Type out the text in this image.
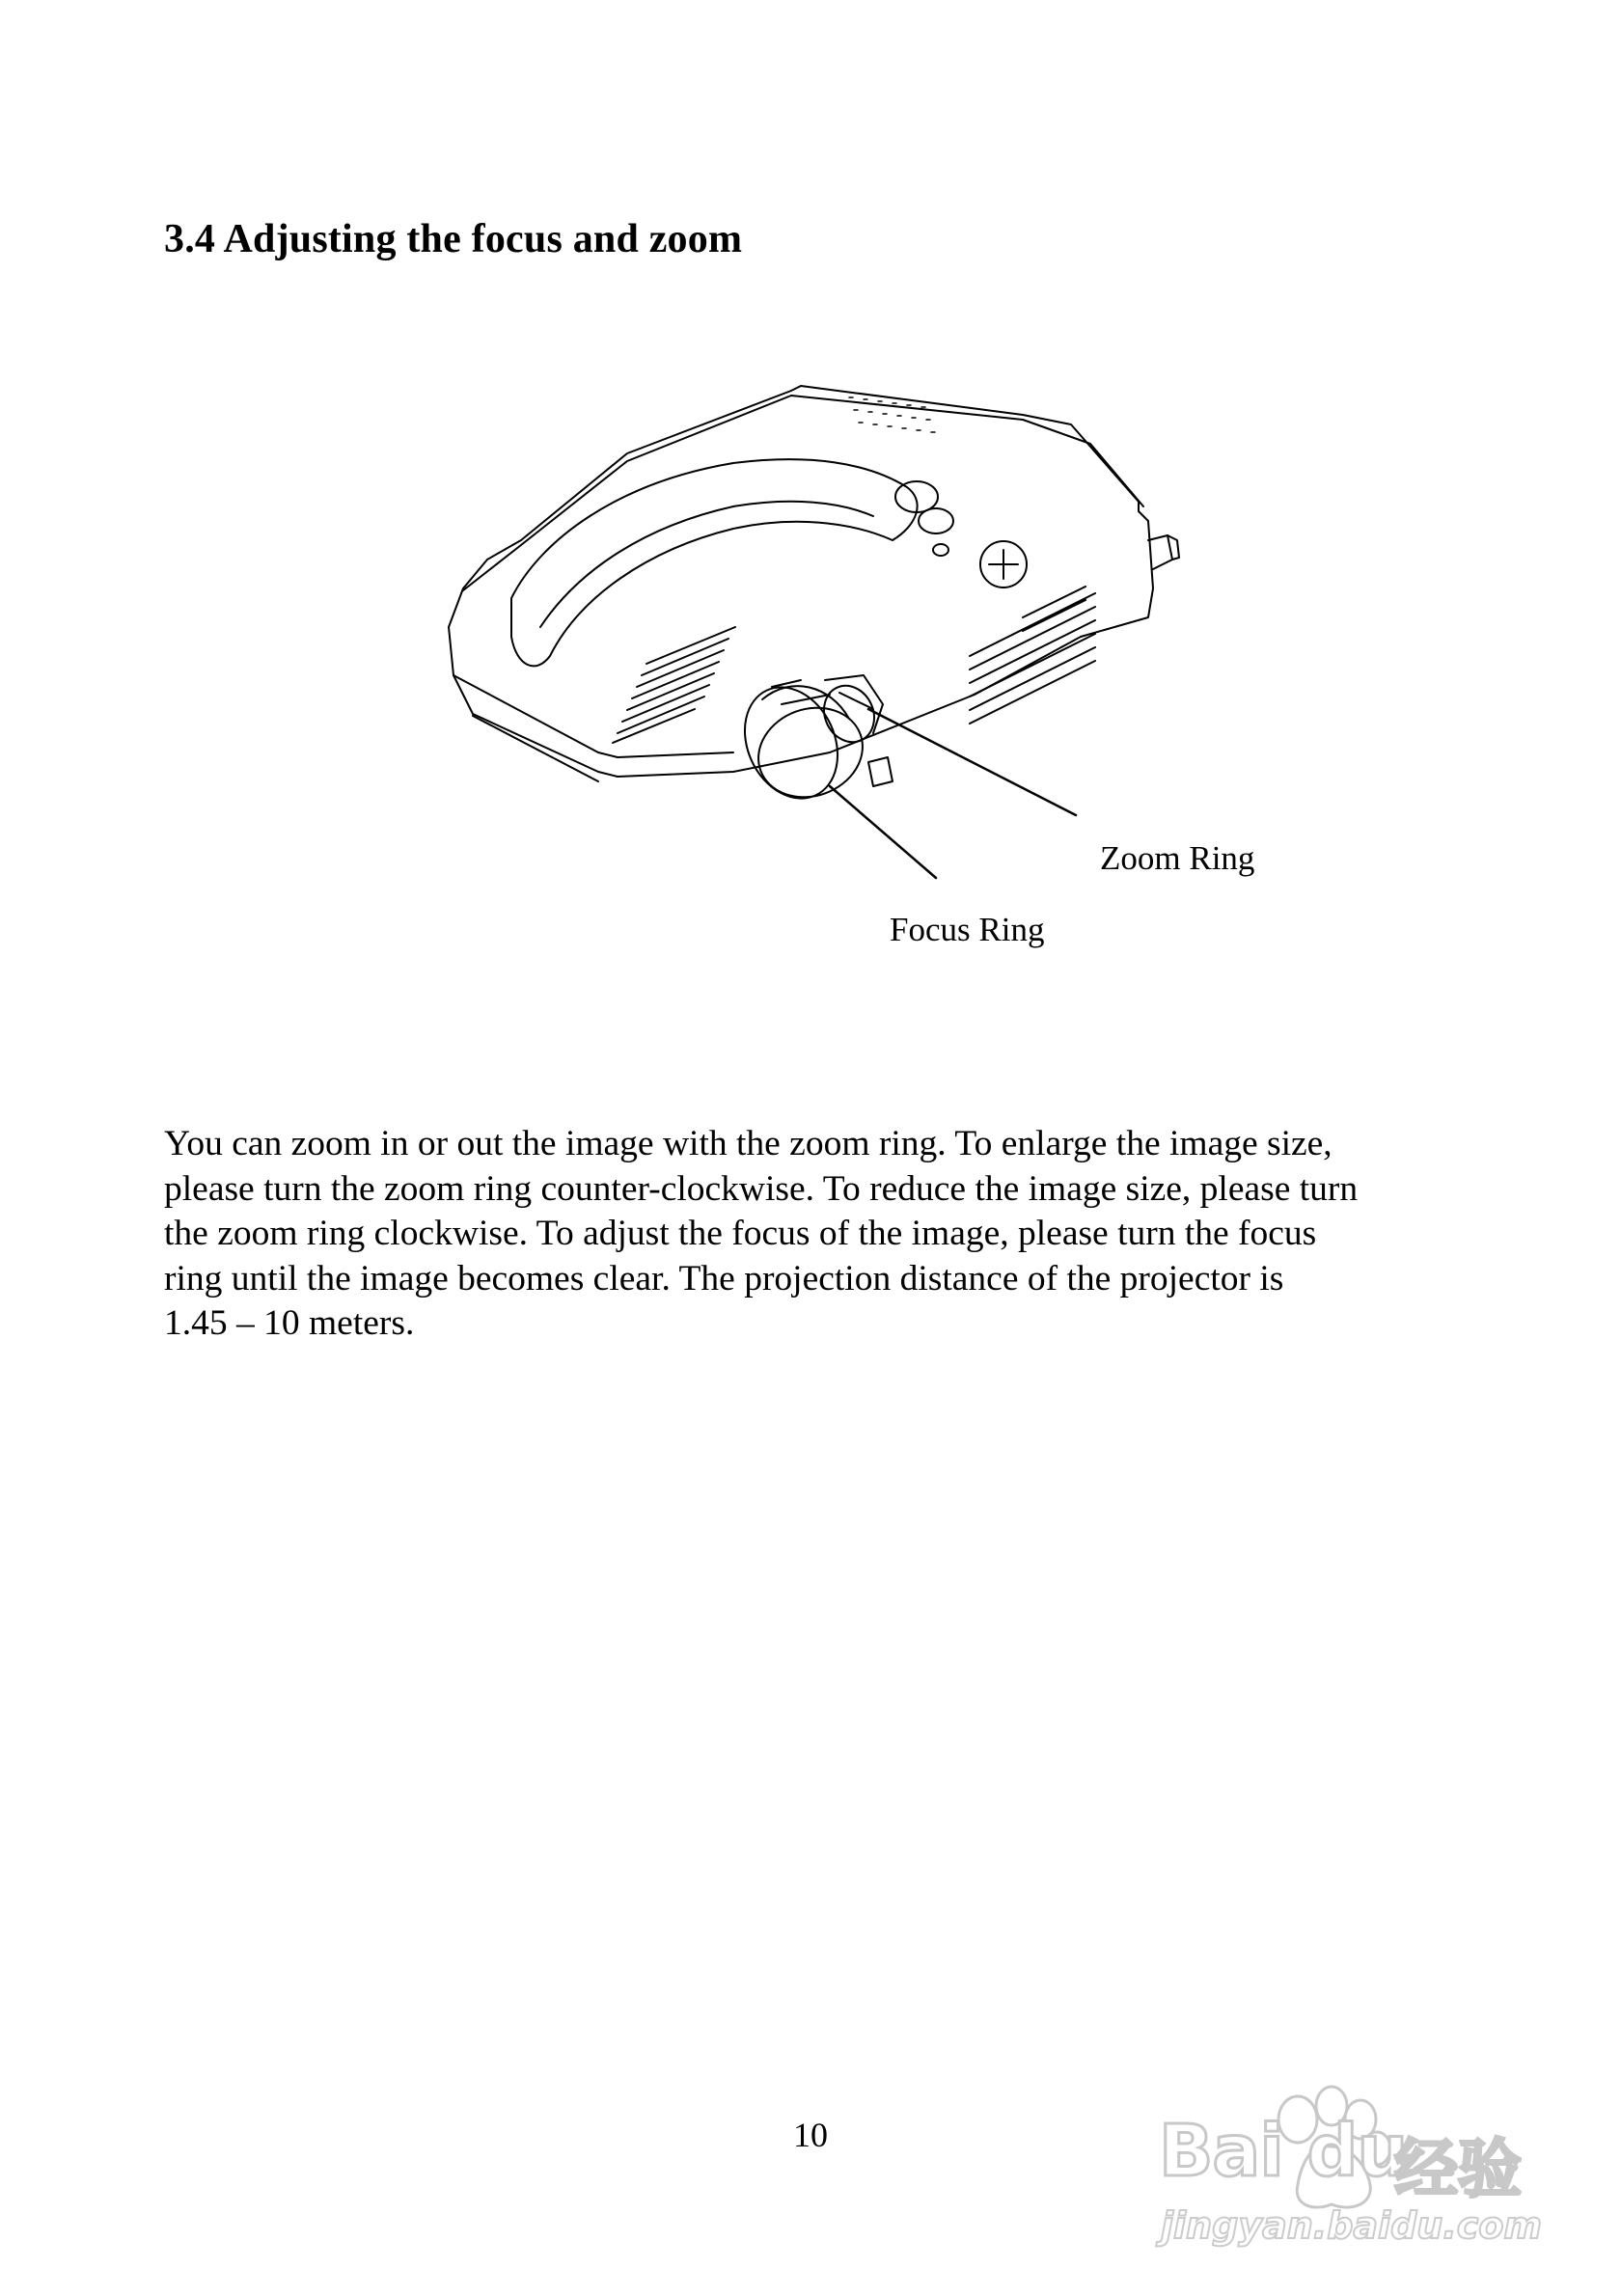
3.4 Adjusting the focus and zoom
Zoom Ring
Focus Ring

You can zoom in or out the image with the zoom ring. To enlarge the image size,
please turn the zoom ring counter-clockwise. To reduce the image size, please turn
the zoom ring clockwise. To adjust the focus of the image, please turn the focus
ring until the image becomes clear. The projection distance of the projector is
1.45 – 10 meters.

10	Bai du
经验
jingyan.baidu.com
